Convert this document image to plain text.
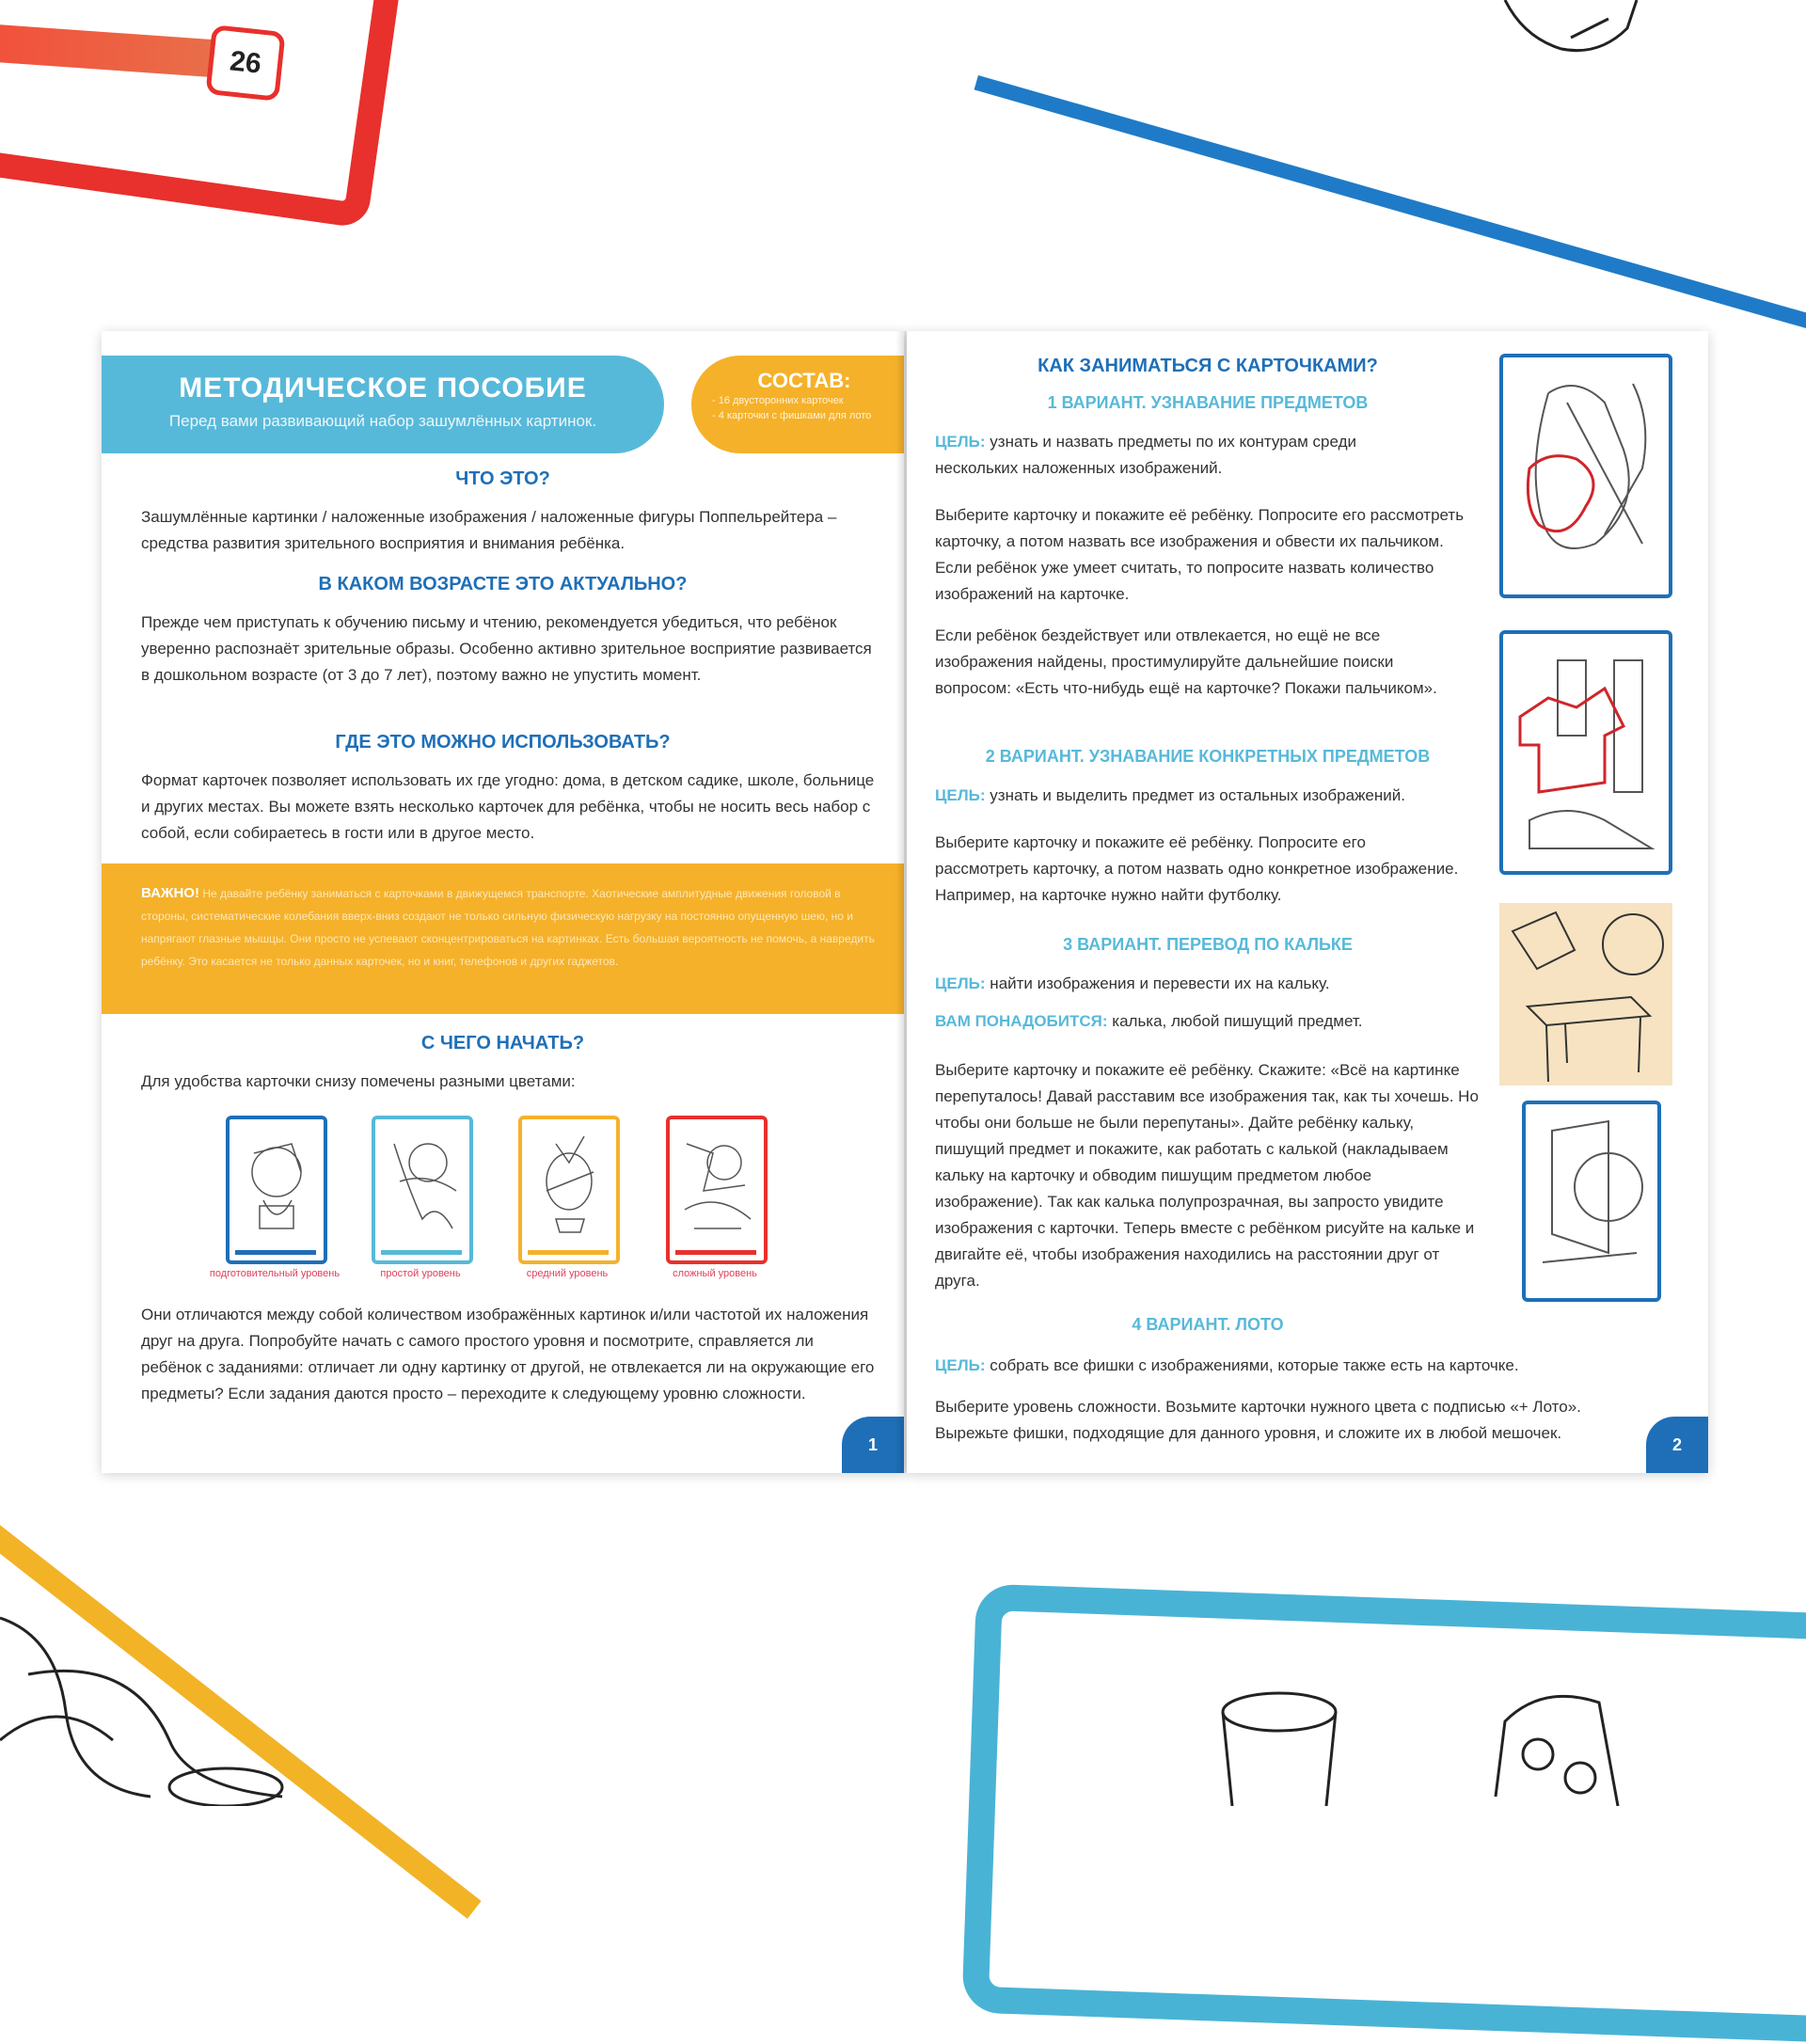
26
МЕТОДИЧЕСКОЕ ПОСОБИЕ
Перед вами развивающий набор зашумлённых картинок.
СОСТАВ:
- 16 двусторонних карточек
- 4 карточки с фишками для лото
ЧТО ЭТО?
Зашумлённые картинки / наложенные изображения / наложенные фигуры Поппельрейтера – средства развития зрительного восприятия и внимания ребёнка.
В КАКОМ ВОЗРАСТЕ ЭТО АКТУАЛЬНО?
Прежде чем приступать к обучению письму и чтению, рекомендуется убедиться, что ребёнок уверенно распознаёт зрительные образы. Особенно активно зрительное восприятие развивается в дошкольном возрасте (от 3 до 7 лет), поэтому важно не упустить момент.
ГДЕ ЭТО МОЖНО ИСПОЛЬЗОВАТЬ?
Формат карточек позволяет использовать их где угодно: дома, в детском садике, школе, больнице и других местах. Вы можете взять несколько карточек для ребёнка, чтобы не носить весь набор с собой, если собираетесь в гости или в другое место.
ВАЖНО! Не давайте ребёнку заниматься с карточками в движущемся транспорте. Хаотические амплитудные движения головой в стороны, систематические колебания вверх-вниз создают не только сильную физическую нагрузку на постоянно опущенную шею, но и напрягают глазные мышцы. Они просто не успевают сконцентрироваться на картинках. Есть большая вероятность не помочь, а навредить ребёнку. Это касается не только данных карточек, но и книг, телефонов и других гаджетов.
С ЧЕГО НАЧАТЬ?
Для удобства карточки снизу помечены разными цветами:
подготовительный уровень	простой уровень	средний уровень	сложный уровень
Они отличаются между собой количеством изображённых картинок и/или частотой их наложения друг на друга. Попробуйте начать с самого простого уровня и посмотрите, справляется ли ребёнок с заданиями: отличает ли одну картинку от другой, не отвлекается ли на окружающие его предметы? Если задания даются просто – переходите к следующему уровню сложности.
1
КАК ЗАНИМАТЬСЯ С КАРТОЧКАМИ?
1 ВАРИАНТ. УЗНАВАНИЕ ПРЕДМЕТОВ
ЦЕЛЬ: узнать и назвать предметы по их контурам среди нескольких наложенных изображений.
Выберите карточку и покажите её ребёнку. Попросите его рассмотреть карточку, а потом назвать все изображения и обвести их пальчиком. Если ребёнок уже умеет считать, то попросите назвать количество изображений на карточке.
Если ребёнок бездействует или отвлекается, но ещё не все изображения найдены, простимулируйте дальнейшие поиски вопросом: «Есть что-нибудь ещё на карточке? Покажи пальчиком».
2 ВАРИАНТ. УЗНАВАНИЕ КОНКРЕТНЫХ ПРЕДМЕТОВ
ЦЕЛЬ: узнать и выделить предмет из остальных изображений.
Выберите карточку и покажите её ребёнку. Попросите его рассмотреть карточку, а потом назвать одно конкретное изображение. Например, на карточке нужно найти футболку.
3 ВАРИАНТ. ПЕРЕВОД ПО КАЛЬКЕ
ЦЕЛЬ: найти изображения и перевести их на кальку.
ВАМ ПОНАДОБИТСЯ: калька, любой пишущий предмет.
Выберите карточку и покажите её ребёнку. Скажите: «Всё на картинке перепуталось! Давай расставим все изображения так, как ты хочешь. Но чтобы они больше не были перепутаны». Дайте ребёнку кальку, пишущий предмет и покажите, как работать с калькой (накладываем кальку на карточку и обводим пишущим предметом любое изображение). Так как калька полупрозрачная, вы запросто увидите изображения с карточки. Теперь вместе с ребёнком рисуйте на кальке и двигайте её, чтобы изображения находились на расстоянии друг от друга.
4 ВАРИАНТ. ЛОТО
ЦЕЛЬ: собрать все фишки с изображениями, которые также есть на карточке.
Выберите уровень сложности. Возьмите карточки нужного цвета с подписью «+ Лото». Вырежьте фишки, подходящие для данного уровня, и сложите их в любой мешочек.
2
